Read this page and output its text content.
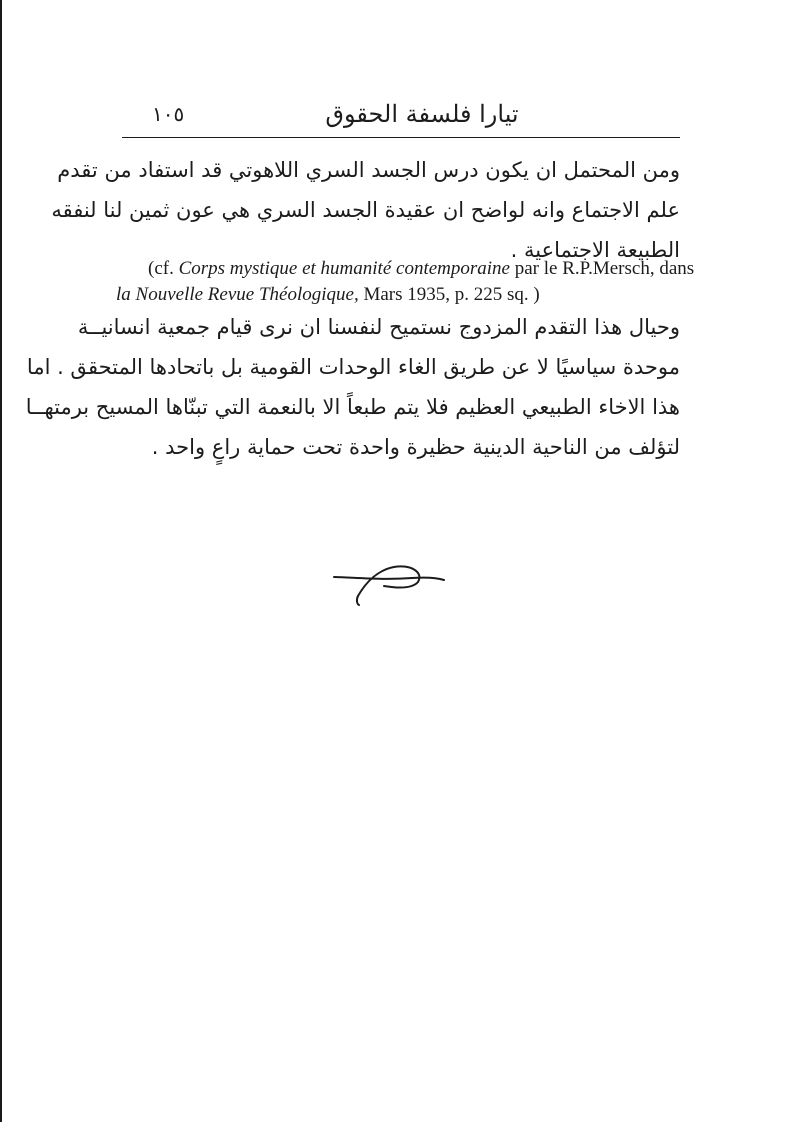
١٠٥	تيارا فلسفة الحقوق
ومن المحتمل ان يكون درس الجسد السري اللاهوتي قد استفاد من تقدم
علم الاجتماع وانه لواضح ان عقيدة الجسد السري هي عون ثمين لنا لنفقه
الطبيعة الاجتماعية .
(cf. Corps mystique et humanité contemporaine par le R.P.Mersch, dans
la Nouvelle Revue Théologique, Mars 1935, p. 225 sq. )
وحيال هذا التقدم المزدوج نستميح لنفسنا ان نرى قيام جمعية انسانيــة
موحدة سياسيًا لا عن طريق الغاء الوحدات القومية بل باتحادها المتحقق . اما
هذا الاخاء الطبيعي العظيم فلا يتم طبعاً الا بالنعمة التي تبنّاها المسيح برمتهــا
لتؤلف من الناحية الدينية حظيرة واحدة تحت حماية راعٍ واحد .
